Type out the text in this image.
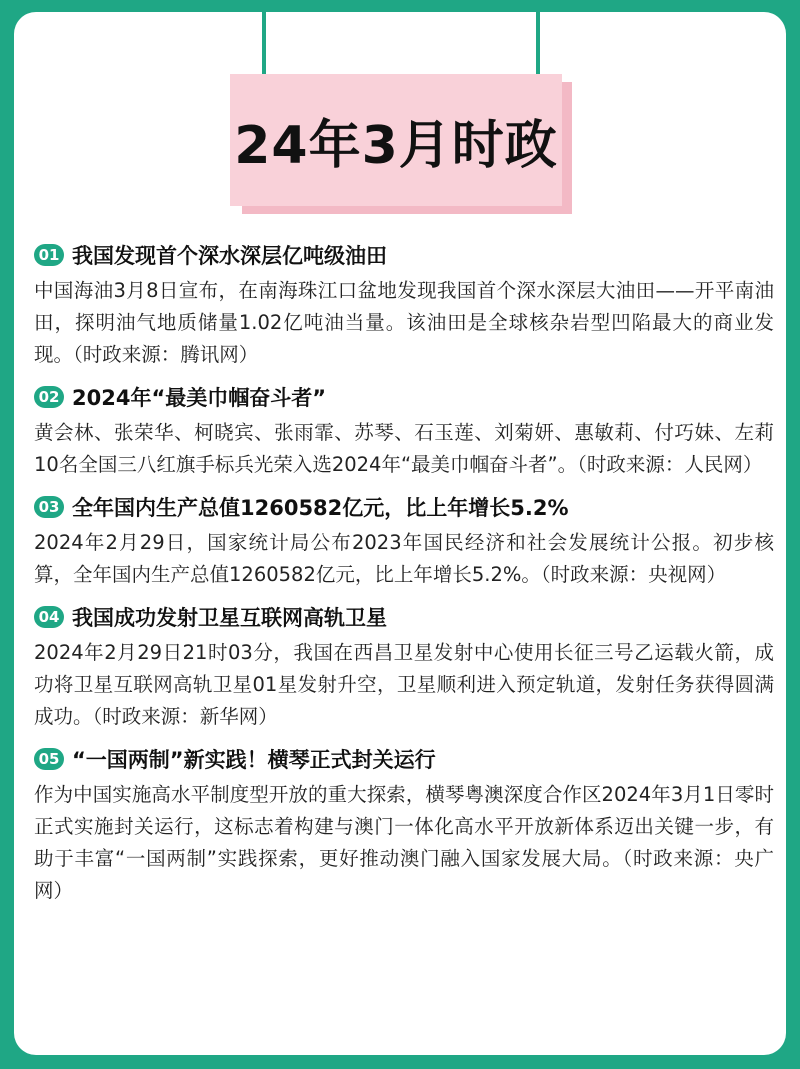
24年3月时政
01 我国发现首个深水深层亿吨级油田

中国海油3月8日宣布，在南海珠江口盆地发现我国首个深水深层大油田——开平南油田，探明油气地质储量1.02亿吨油当量。该油田是全球核杂岩型凹陷最大的商业发现。（时政来源：腾讯网）

02 2024年“最美巾帼奋斗者”

黄会林、张荣华、柯晓宾、张雨霏、苏琴、石玉莲、刘菊妍、惠敏莉、付巧妹、左莉10名全国三八红旗手标兵光荣入选2024年“最美巾帼奋斗者”。（时政来源：人民网）

03 全年国内生产总值1260582亿元，比上年增长5.2%

2024年2月29日，国家统计局公布2023年国民经济和社会发展统计公报。初步核算，全年国内生产总值1260582亿元，比上年增长5.2%。（时政来源：央视网）

04 我国成功发射卫星互联网高轨卫星

2024年2月29日21时03分，我国在西昌卫星发射中心使用长征三号乙运载火箭，成功将卫星互联网高轨卫星01星发射升空，卫星顺利进入预定轨道，发射任务获得圆满成功。（时政来源：新华网）

05 “一国两制”新实践！横琴正式封关运行

作为中国实施高水平制度型开放的重大探索，横琴粤澳深度合作区2024年3月1日零时正式实施封关运行，这标志着构建与澳门一体化高水平开放新体系迈出关键一步，有助于丰富“一国两制”实践探索，更好推动澳门融入国家发展大局。（时政来源：央广网）
